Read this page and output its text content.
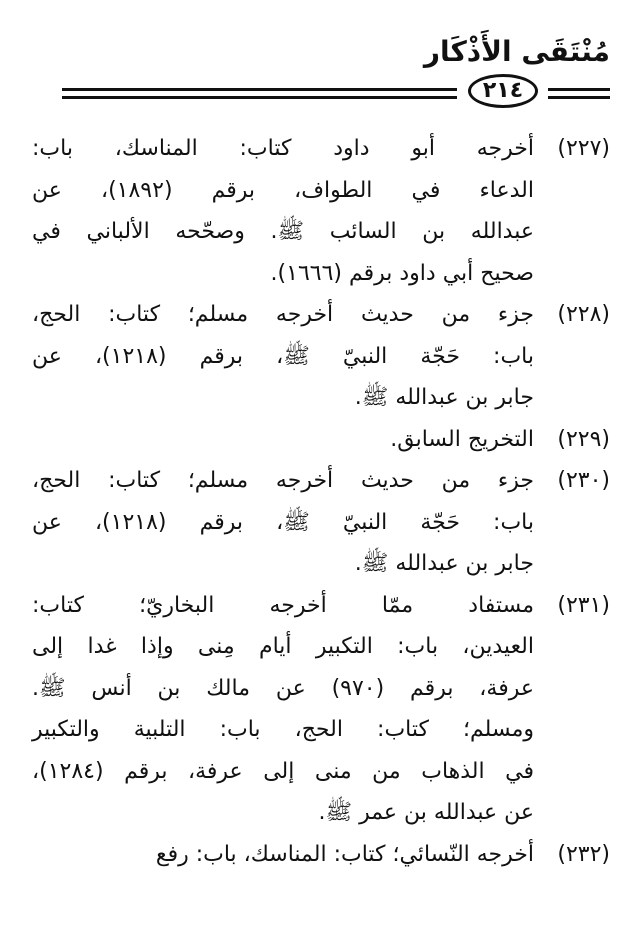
مُنْتَقَى الأَذْكَار
٢١٤
(٢٢٧)
أخرجه أبو داود كتاب: المناسك، باب:
الدعاء في الطواف، برقم (١٨٩٢)، عن
عبدالله بن السائب ﷺ. وصحّحه الألباني في
صحيح أبي داود برقم (١٦٦٦).
(٢٢٨)
جزء من حديث أخرجه مسلم؛ كتاب: الحج،
باب: حَجّة النبيّ ﷺ، برقم (١٢١٨)، عن
جابر بن عبدالله ﷺ.
(٢٢٩)
التخريج السابق.
(٢٣٠)
جزء من حديث أخرجه مسلم؛ كتاب: الحج،
باب: حَجّة النبيّ ﷺ، برقم (١٢١٨)، عن
جابر بن عبدالله ﷺ.
(٢٣١)
مستفاد ممّا أخرجه البخاريّ؛ كتاب:
العيدين، باب: التكبير أيام مِنى وإذا غدا إلى
عرفة، برقم (٩٧٠) عن مالك بن أنس ﷺ.
ومسلم؛ كتاب: الحج، باب: التلبية والتكبير
في الذهاب من منى إلى عرفة، برقم (١٢٨٤)،
عن عبدالله بن عمر ﷺ.
(٢٣٢)
أخرجه النّسائي؛ كتاب: المناسك، باب: رفع
